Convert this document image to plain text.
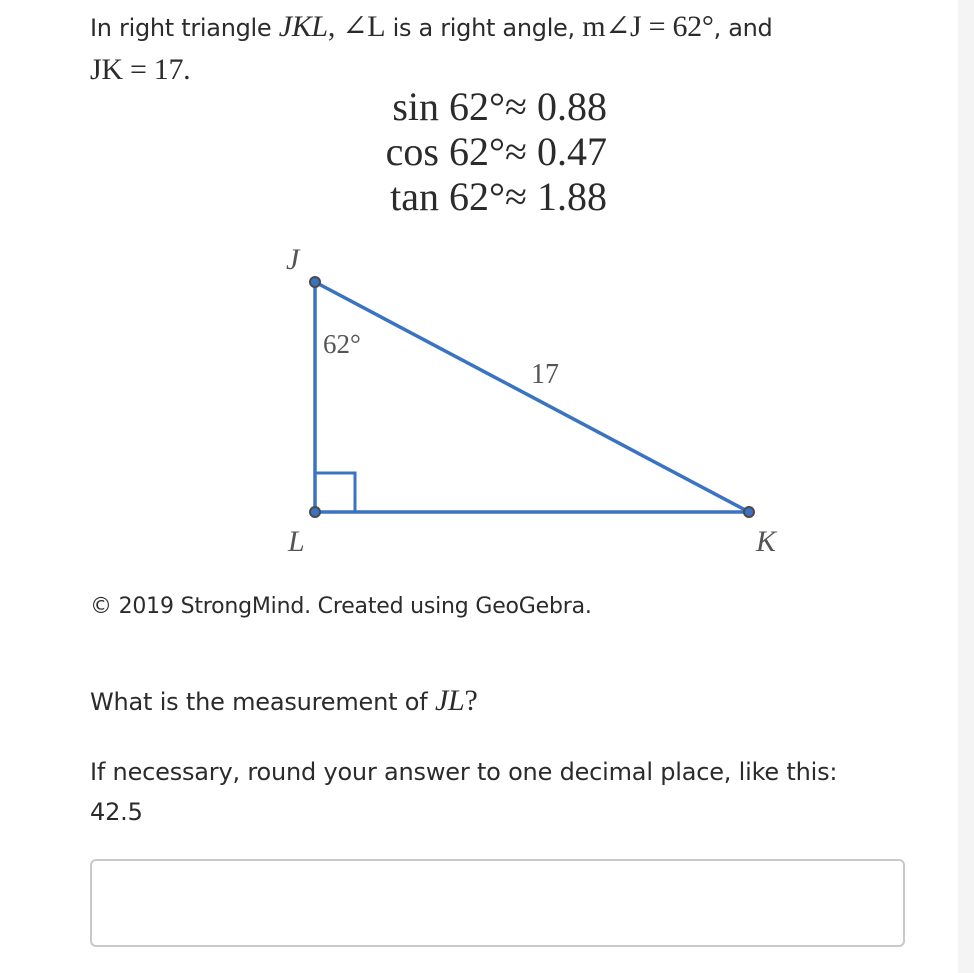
In right triangle JKL, ∠L is a right angle, m∠J = 62°, and
JK = 17.
sin 62° ≈ 0.88
cos 62° ≈ 0.47
tan 62° ≈ 1.88
J
L	K
62°
17
© 2019 StrongMind. Created using GeoGebra.
What is the measurement of JL?
If necessary, round your answer to one decimal place, like this:
42.5
